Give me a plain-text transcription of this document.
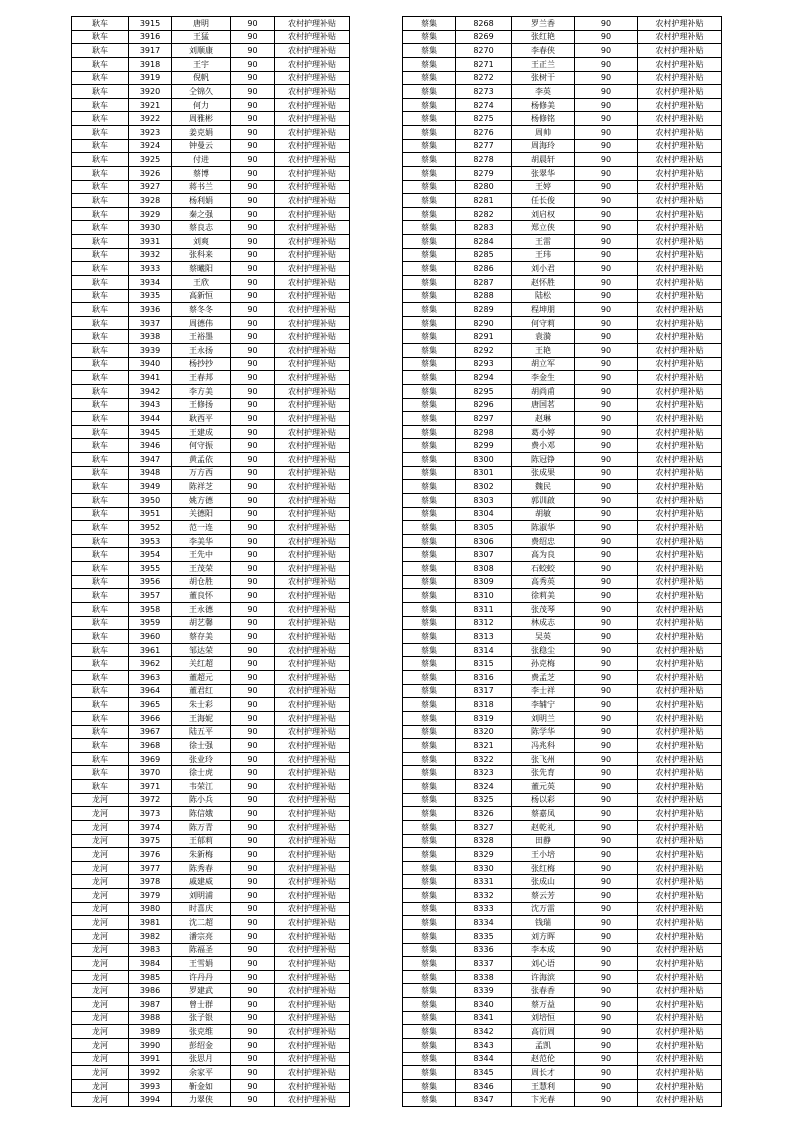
耿车	3915	唐明	90	农村护理补贴
耿车	3916	王猛	90	农村护理补贴
耿车	3917	刘顺康	90	农村护理补贴
耿车	3918	王宇	90	农村护理补贴
耿车	3919	倪帆	90	农村护理补贴
耿车	3920	仝锦久	90	农村护理补贴
耿车	3921	何力	90	农村护理补贴
耿车	3922	周雅彬	90	农村护理补贴
耿车	3923	姜克娟	90	农村护理补贴
耿车	3924	钟曼云	90	农村护理补贴
耿车	3925	付进	90	农村护理补贴
耿车	3926	蔡博	90	农村护理补贴
耿车	3927	蒋书兰	90	农村护理补贴
耿车	3928	杨利娟	90	农村护理补贴
耿车	3929	秦之强	90	农村护理补贴
耿车	3930	蔡良志	90	农村护理补贴
耿车	3931	刘爽	90	农村护理补贴
耿车	3932	张科来	90	农村护理补贴
耿车	3933	蔡曦阳	90	农村护理补贴
耿车	3934	王欣	90	农村护理补贴
耿车	3935	高新恒	90	农村护理补贴
耿车	3936	蔡冬冬	90	农村护理补贴
耿车	3937	周德伟	90	农村护理补贴
耿车	3938	王裕墨	90	农村护理补贴
耿车	3939	王永扬	90	农村护理补贴
耿车	3940	杨抄抄	90	农村护理补贴
耿车	3941	王春邦	90	农村护理补贴
耿车	3942	李方美	90	农村护理补贴
耿车	3943	王修扬	90	农村护理补贴
耿车	3944	耿西平	90	农村护理补贴
耿车	3945	王建成	90	农村护理补贴
耿车	3946	何守振	90	农村护理补贴
耿车	3947	黄孟依	90	农村护理补贴
耿车	3948	万方西	90	农村护理补贴
耿车	3949	陈祥芝	90	农村护理补贴
耿车	3950	姚方德	90	农村护理补贴
耿车	3951	关德阳	90	农村护理补贴
耿车	3952	范一连	90	农村护理补贴
耿车	3953	李美华	90	农村护理补贴
耿车	3954	王先中	90	农村护理补贴
耿车	3955	王茂荣	90	农村护理补贴
耿车	3956	胡仓胜	90	农村护理补贴
耿车	3957	董良怀	90	农村护理补贴
耿车	3958	王永德	90	农村护理补贴
耿车	3959	胡艺馨	90	农村护理补贴
耿车	3960	蔡存美	90	农村护理补贴
耿车	3961	邹达荣	90	农村护理补贴
耿车	3962	关红超	90	农村护理补贴
耿车	3963	董超元	90	农村护理补贴
耿车	3964	董君红	90	农村护理补贴
耿车	3965	朱士彩	90	农村护理补贴
耿车	3966	王海妮	90	农村护理补贴
耿车	3967	陆五平	90	农村护理补贴
耿车	3968	徐士强	90	农村护理补贴
耿车	3969	张业玲	90	农村护理补贴
耿车	3970	徐士虎	90	农村护理补贴
耿车	3971	韦荣江	90	农村护理补贴
龙河	3972	陈小兵	90	农村护理补贴
龙河	3973	陈信娥	90	农村护理补贴
龙河	3974	陈万青	90	农村护理补贴
龙河	3975	王郁莉	90	农村护理补贴
龙河	3976	朱新梅	90	农村护理补贴
龙河	3977	陈秀春	90	农村护理补贴
龙河	3978	戚建威	90	农村护理补贴
龙河	3979	刘明浦	90	农村护理补贴
龙河	3980	时喜庆	90	农村护理补贴
龙河	3981	沈二超	90	农村护理补贴
龙河	3982	潘宗亮	90	农村护理补贴
龙河	3983	陈福圣	90	农村护理补贴
龙河	3984	王雪娟	90	农村护理补贴
龙河	3985	许丹丹	90	农村护理补贴
龙河	3986	罗建武	90	农村护理补贴
龙河	3987	曾士群	90	农村护理补贴
龙河	3988	张子银	90	农村护理补贴
龙河	3989	张克维	90	农村护理补贴
龙河	3990	彭绍金	90	农村护理补贴
龙河	3991	张思月	90	农村护理补贴
龙河	3992	余家平	90	农村护理补贴
龙河	3993	靳金如	90	农村护理补贴
龙河	3994	力翠侠	90	农村护理补贴
蔡集	8268	罗兰香	90	农村护理补贴
蔡集	8269	张红艳	90	农村护理补贴
蔡集	8270	李春侠	90	农村护理补贴
蔡集	8271	王正兰	90	农村护理补贴
蔡集	8272	张树干	90	农村护理补贴
蔡集	8273	李英	90	农村护理补贴
蔡集	8274	杨修美	90	农村护理补贴
蔡集	8275	杨修铭	90	农村护理补贴
蔡集	8276	周帅	90	农村护理补贴
蔡集	8277	周海玲	90	农村护理补贴
蔡集	8278	胡晨轩	90	农村护理补贴
蔡集	8279	张翠华	90	农村护理补贴
蔡集	8280	王婷	90	农村护理补贴
蔡集	8281	任长俊	90	农村护理补贴
蔡集	8282	刘启权	90	农村护理补贴
蔡集	8283	郑立侠	90	农村护理补贴
蔡集	8284	王雷	90	农村护理补贴
蔡集	8285	王玮	90	农村护理补贴
蔡集	8286	刘小君	90	农村护理补贴
蔡集	8287	赵怀胜	90	农村护理补贴
蔡集	8288	陆松	90	农村护理补贴
蔡集	8289	程坤朋	90	农村护理补贴
蔡集	8290	何守莉	90	农村护理补贴
蔡集	8291	袁漪	90	农村护理补贴
蔡集	8292	王艳	90	农村护理补贴
蔡集	8293	胡立军	90	农村护理补贴
蔡集	8294	李金生	90	农村护理补贴
蔡集	8295	胡尚甫	90	农村护理补贴
蔡集	8296	唐国茗	90	农村护理补贴
蔡集	8297	赵琳	90	农村护理补贴
蔡集	8298	葛小婷	90	农村护理补贴
蔡集	8299	费小邓	90	农村护理补贴
蔡集	8300	陈冠铮	90	农村护理补贴
蔡集	8301	张成果	90	农村护理补贴
蔡集	8302	魏民	90	农村护理补贴
蔡集	8303	郭训啟	90	农村护理补贴
蔡集	8304	胡敏	90	农村护理补贴
蔡集	8305	陈淑华	90	农村护理补贴
蔡集	8306	费绍忠	90	农村护理补贴
蔡集	8307	高为良	90	农村护理补贴
蔡集	8308	石蛟蛟	90	农村护理补贴
蔡集	8309	高秀英	90	农村护理补贴
蔡集	8310	徐莉美	90	农村护理补贴
蔡集	8311	张茂琴	90	农村护理补贴
蔡集	8312	林成志	90	农村护理补贴
蔡集	8313	吴英	90	农村护理补贴
蔡集	8314	张稳尘	90	农村护理补贴
蔡集	8315	孙克梅	90	农村护理补贴
蔡集	8316	费孟芝	90	农村护理补贴
蔡集	8317	李士祥	90	农村护理补贴
蔡集	8318	李辅宁	90	农村护理补贴
蔡集	8319	刘明兰	90	农村护理补贴
蔡集	8320	陈学华	90	农村护理补贴
蔡集	8321	冯兆科	90	农村护理补贴
蔡集	8322	张飞州	90	农村护理补贴
蔡集	8323	张先育	90	农村护理补贴
蔡集	8324	董元英	90	农村护理补贴
蔡集	8325	杨以彩	90	农村护理补贴
蔡集	8326	蔡嘉凤	90	农村护理补贴
蔡集	8327	赵乾礼	90	农村护理补贴
蔡集	8328	田静	90	农村护理补贴
蔡集	8329	王小培	90	农村护理补贴
蔡集	8330	张红梅	90	农村护理补贴
蔡集	8331	张成山	90	农村护理补贴
蔡集	8332	蔡云芳	90	农村护理补贴
蔡集	8333	沈万雷	90	农村护理补贴
蔡集	8334	钱瑞	90	农村护理补贴
蔡集	8335	刘方晖	90	农村护理补贴
蔡集	8336	李本成	90	农村护理补贴
蔡集	8337	刘心语	90	农村护理补贴
蔡集	8338	许海滨	90	农村护理补贴
蔡集	8339	张春香	90	农村护理补贴
蔡集	8340	蔡万益	90	农村护理补贴
蔡集	8341	刘培恒	90	农村护理补贴
蔡集	8342	高衍周	90	农村护理补贴
蔡集	8343	孟凯	90	农村护理补贴
蔡集	8344	赵范伦	90	农村护理补贴
蔡集	8345	周长才	90	农村护理补贴
蔡集	8346	王慧利	90	农村护理补贴
蔡集	8347	卞光春	90	农村护理补贴
